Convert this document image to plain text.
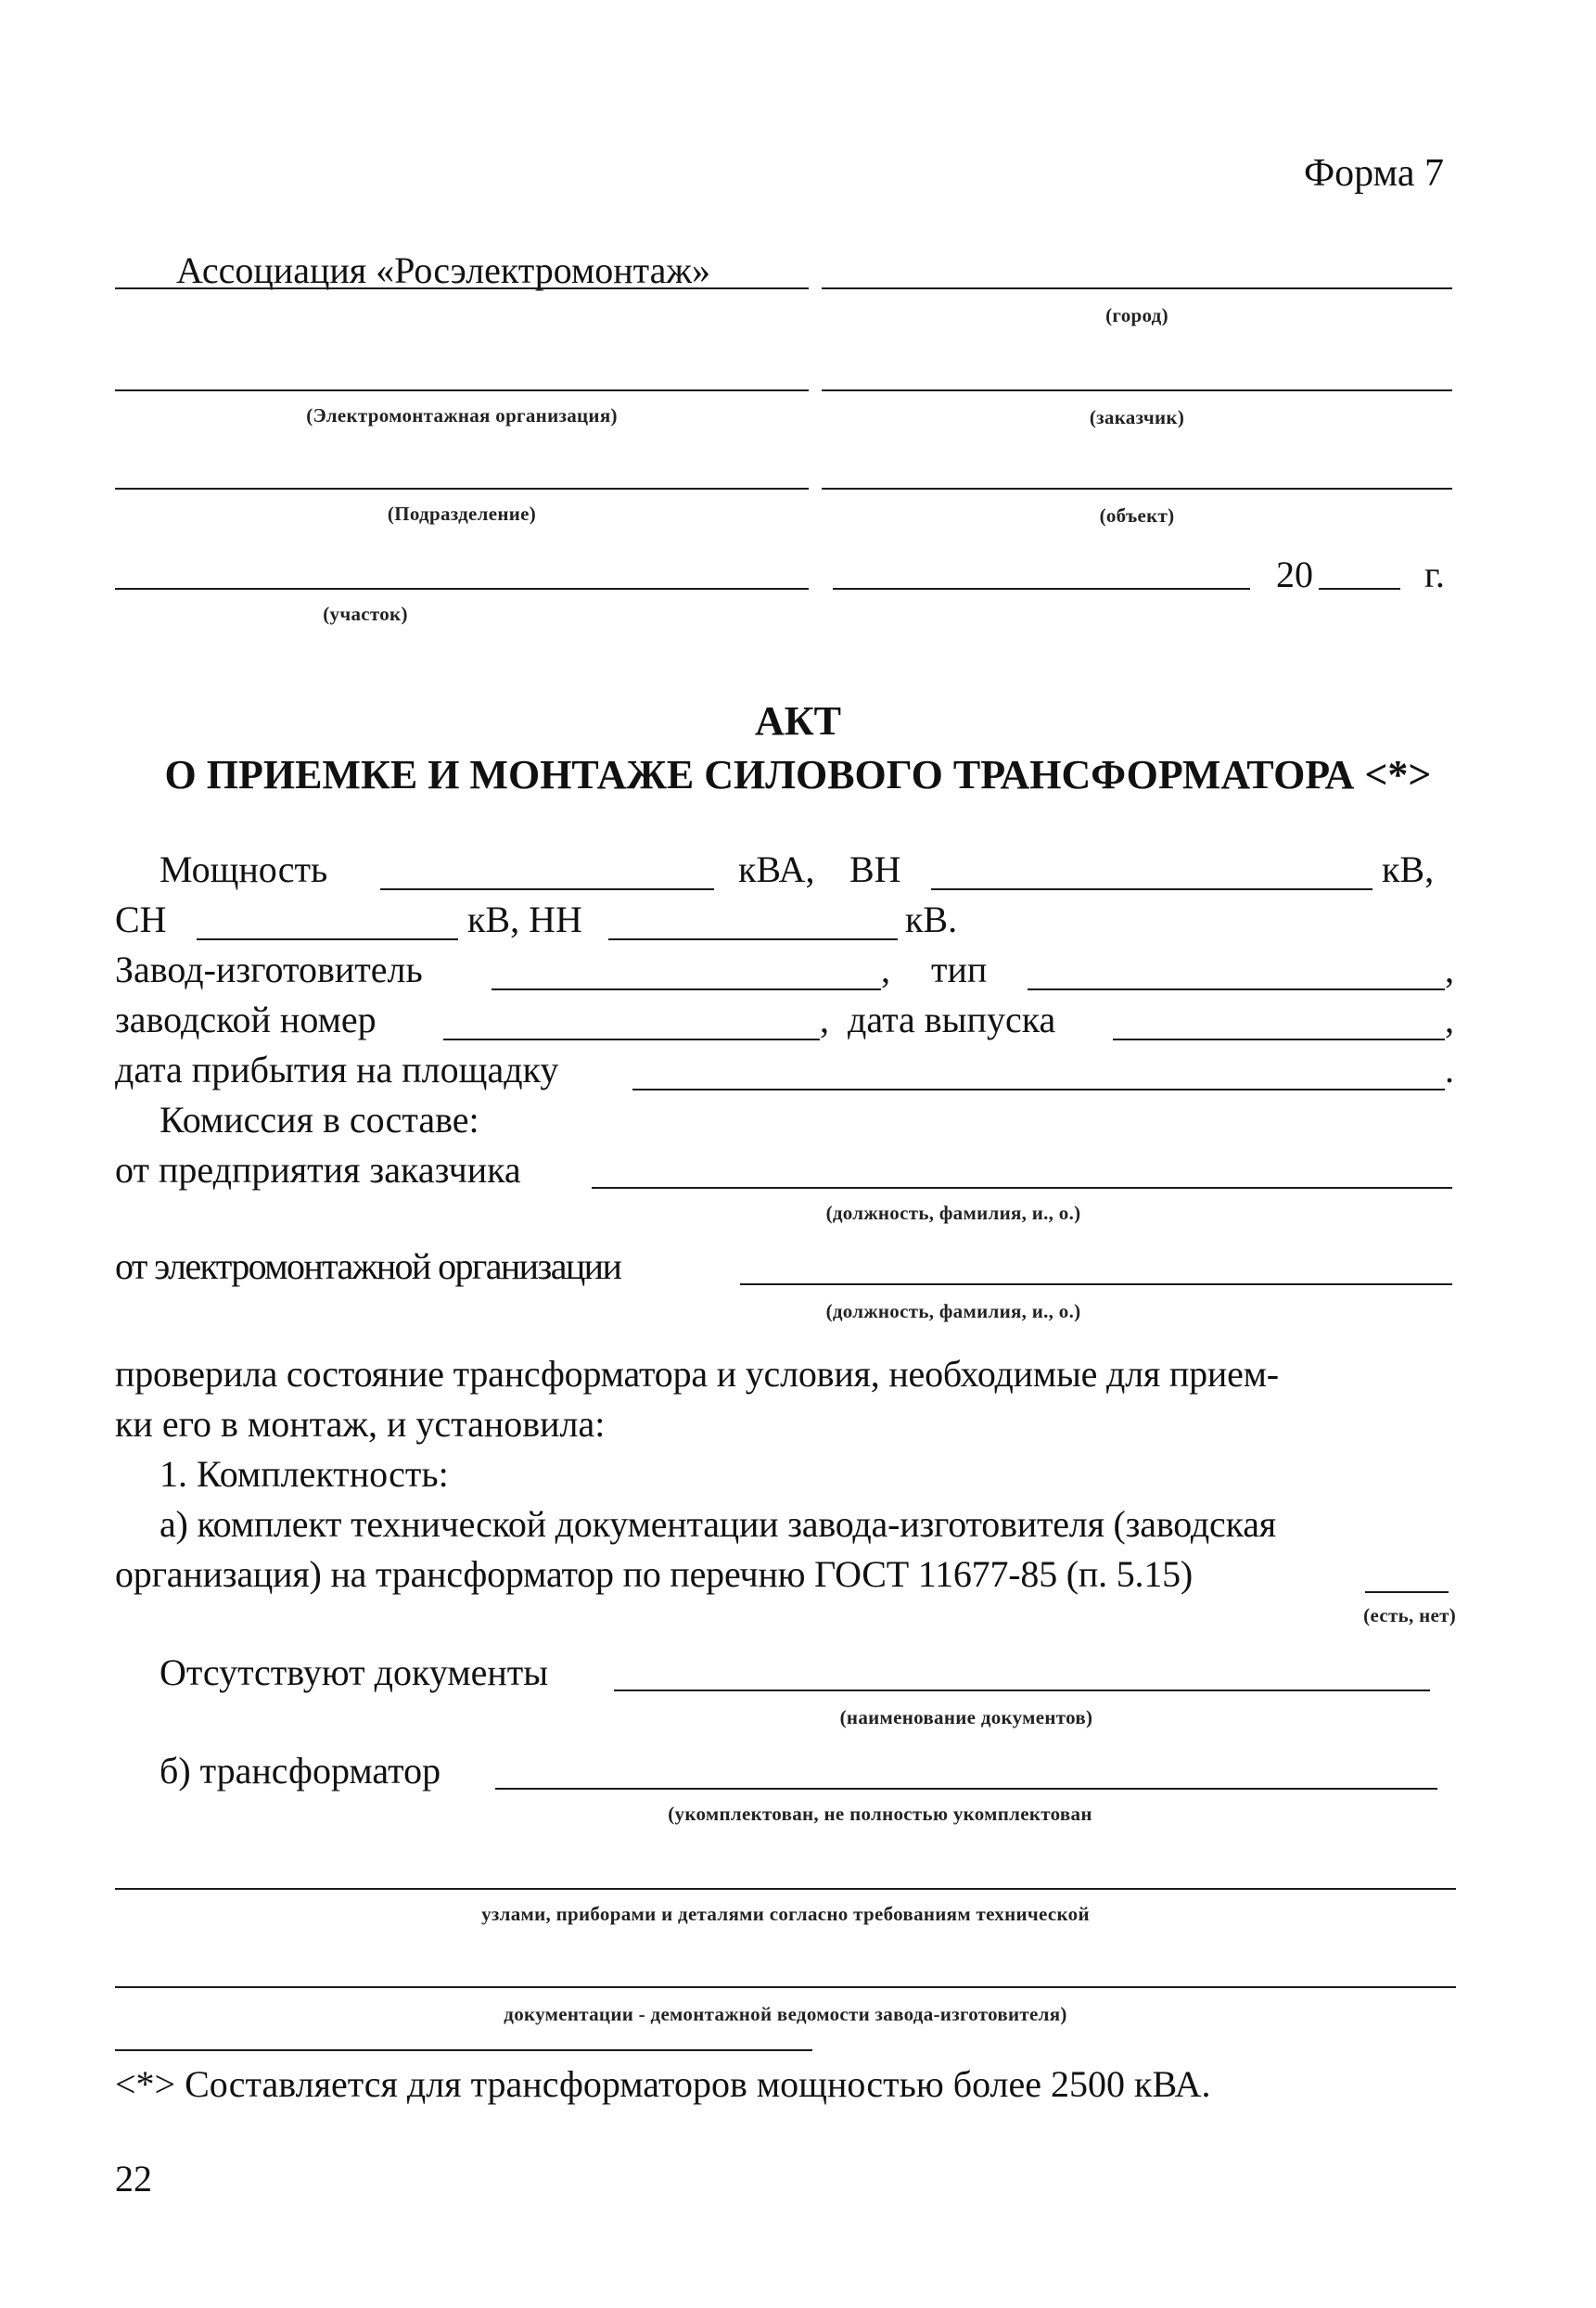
Форма 7
Ассоциация «Росэлектромонтаж»
(город)
(Электромонтажная организация)	(заказчик)
(Подразделение)	(объект)
20	г.
(участок)
АКТ
О ПРИЕМКЕ И МОНТАЖЕ СИЛОВОГО ТРАНСФОРМАТОРА <*>
Мощность	кВА, ВН	кВ,
СН	кВ, НН	кВ.
Завод-изготовитель	, тип	,
заводской номер	, дата выпуска	,
дата прибытия на площадку	.
Комиссия в составе:
от предприятия заказчика
(должность, фамилия, и., о.)
от электромонтажной организации
(должность, фамилия, и., о.)
проверила состояние трансформатора и условия, необходимые для прием-
ки его в монтаж, и установила:
1. Комплектность:
а) комплект технической документации завода-изготовителя (заводская
организация) на трансформатор по перечню ГОСТ 11677-85 (п. 5.15)
(есть, нет)
Отсутствуют документы
(наименование документов)
б) трансформатор
(укомплектован, не полностью укомплектован
узлами, приборами и деталями согласно требованиям технической
документации - демонтажной ведомости завода-изготовителя)
<*> Составляется для трансформаторов мощностью более 2500 кВА.
22
